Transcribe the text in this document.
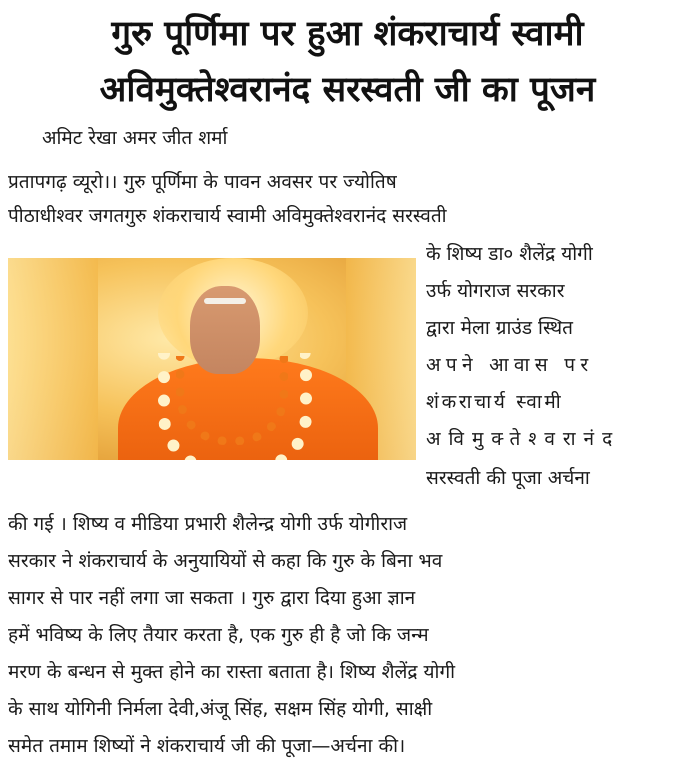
गुरु पूर्णिमा पर हुआ शंकराचार्य स्वामी
अविमुक्तेश्वरानंद सरस्वती जी का पूजन
अमिट रेखा अमर जीत शर्मा
प्रतापगढ़ व्यूरो।। गुरु पूर्णिमा के पावन अवसर पर ज्योतिष
पीठाधीश्वर जगतगुरु शंकराचार्य स्वामी अविमुक्तेश्वरानंद सरस्वती
के शिष्य डा० शैलेंद्र योगी
उर्फ योगराज सरकार
द्वारा मेला ग्राउंड स्थित
अपने आवास पर
शंकराचार्य स्वामी
अविमुक्तेश्वरानंद
सरस्वती की पूजा अर्चना
की गई । शिष्य व मीडिया प्रभारी शैलेन्द्र योगी उर्फ योगीराज
सरकार ने शंकराचार्य के अनुयायियों से कहा कि गुरु के बिना भव
सागर से पार नहीं लगा जा सकता । गुरु द्वारा दिया हुआ ज्ञान
हमें भविष्य के लिए तैयार करता है, एक गुरु ही है जो कि जन्म
मरण के बन्धन से मुक्त होने का रास्ता बताता है। शिष्य शैलेंद्र योगी
के साथ योगिनी निर्मला देवी,अंजू सिंह, सक्षम सिंह योगी, साक्षी
समेत तमाम शिष्यों ने शंकराचार्य जी की पूजा—अर्चना की।
